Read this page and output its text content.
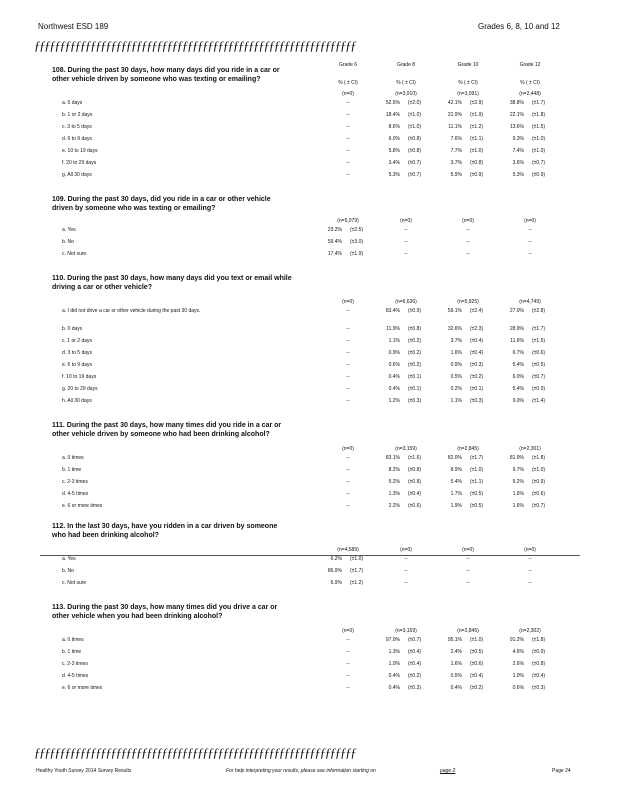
Northwest ESD 189	Grades 6, 8, 10 and 12
ƒƒƒƒƒƒƒƒƒƒƒƒƒƒƒƒƒƒƒƒƒƒƒƒƒƒƒƒƒƒƒƒƒƒƒƒƒƒƒƒƒƒƒƒƒƒƒƒƒƒƒƒƒƒƒƒƒƒƒƒƒƒƒ
Grade 6
% ( ± CI)
Grade 8
% ( ± CI)
Grade 10
% ( ± CI)
Grade 12
% ( ± CI)
108. During the past 30 days, how many days did you ride in a car or other vehicle driven by someone who was texting or emailing?
(n=0)	(n=3,910)	(n=3,091)	(n=2,448)
a. 0 days	--	52.5% (±2.0)	42.1% (±2.9)	38.8% (±1.7)
b. 1 or 2 days	--	18.4% (±1.0)	21.9% (±1.9)	22.1% (±1.8)
c. 3 to 5 days	--	8.6% (±1.0)	11.1% (±1.2)	13.6% (±1.5)
d. 6 to 9 days	--	6.0% (±0.8)	7.6% (±1.1)	9.3% (±1.0)
e. 10 to 19 days	--	5.8% (±0.8)	7.7% (±1.0)	7.4% (±1.0)
f. 20 to 29 days	--	3.4% (±0.7)	3.7% (±0.8)	3.6% (±0.7)
g. All 30 days	--	5.3% (±0.7)	5.9% (±0.9)	5.3% (±0.9)
109. During the past 30 days, did you ride in a car or other vehicle driven by someone who was texting or emailing?
(n=5,079)	(n=0)	(n=0)	(n=0)
a. Yes	23.2% (±2.5)	--	--	--
b. No	59.4% (±3.0)	--	--	--
c. Not sure	17.4% (±1.9)	--	--	--
110. During the past 30 days, how many days did you text or email while driving a car or other vehicle?
(n=0)	(n=6,636)	(n=5,925)	(n=4,749)
a. I did not drive a car or other vehicle during the past 30 days.	--	83.4% (±0.9)	59.1% (±2.4)	27.0% (±2.8)
b. 0 days	--	11.9% (±0.8)	32.6% (±2.3)	28.9% (±1.7)
c. 1 or 2 days	--	1.1% (±0.2)	3.7% (±0.4)	11.6% (±1.5)
d. 3 to 5 days	--	0.9% (±0.2)	1.6% (±0.4)	6.7% (±0.6)
e. 6 to 9 days	--	0.6% (±0.2)	0.9% (±0.3)	5.4% (±0.5)
f. 10 to 19 days	--	0.4% (±0.1)	0.5% (±0.2)	6.0% (±0.7)
g. 20 to 29 days	--	0.4% (±0.1)	0.2% (±0.1)	5.4% (±0.9)
h. All 30 days	--	1.2% (±0.3)	1.1% (±0.3)	9.0% (±1.4)
111. During the past 30 days, how many times did you ride in a car or other vehicle driven by someone who had been drinking alcohol?
(n=0)	(n=3,159)	(n=2,845)	(n=2,301)
a. 0 times	--	83.1% (±1.6)	82.0% (±1.7)	81.9% (±1.8)
b. 1 time	--	8.2% (±0.8)	8.9% (±1.0)	9.7% (±1.0)
c. 2-3 times	--	5.2% (±0.8)	5.4% (±1.1)	5.2% (±0.9)
d. 4-5 times	--	1.3% (±0.4)	1.7% (±0.5)	1.6% (±0.6)
e. 6 or more times	--	2.2% (±0.6)	1.9% (±0.5)	1.6% (±0.7)
112. In the last 30 days, have you ridden in a car driven by someone who had been drinking alcohol?
(n=4,589)	(n=0)	(n=0)	(n=0)
a. Yes	6.2% (±1.0)	--	--	--
b. No	86.9% (±1.7)	--	--	--
c. Not sure	6.9% (±1.2)	--	--	--
113. During the past 30 days, how many times did you drive a car or other vehicle when you had been drinking alcohol?
(n=0)	(n=3,159)	(n=2,845)	(n=2,302)
a. 0 times	--	97.0% (±0.7)	95.1% (±1.0)	91.2% (±1.8)
b. 1 time	--	1.3% (±0.4)	2.4% (±0.5)	4.6% (±0.9)
c. 2-3 times	--	1.0% (±0.4)	1.6% (±0.6)	2.6% (±0.8)
d. 4-5 times	--	0.4% (±0.2)	0.5% (±0.4)	1.0% (±0.4)
e. 6 or more times	--	0.4% (±0.3)	0.4% (±0.2)	0.6% (±0.3)
ƒƒƒƒƒƒƒƒƒƒƒƒƒƒƒƒƒƒƒƒƒƒƒƒƒƒƒƒƒƒƒƒƒƒƒƒƒƒƒƒƒƒƒƒƒƒƒƒƒƒƒƒƒƒƒƒƒƒƒƒƒƒƒ
Healthy Youth Survey 2014 Survey Results	For help interpreting your results, please see information starting on	page 2	Page 24
